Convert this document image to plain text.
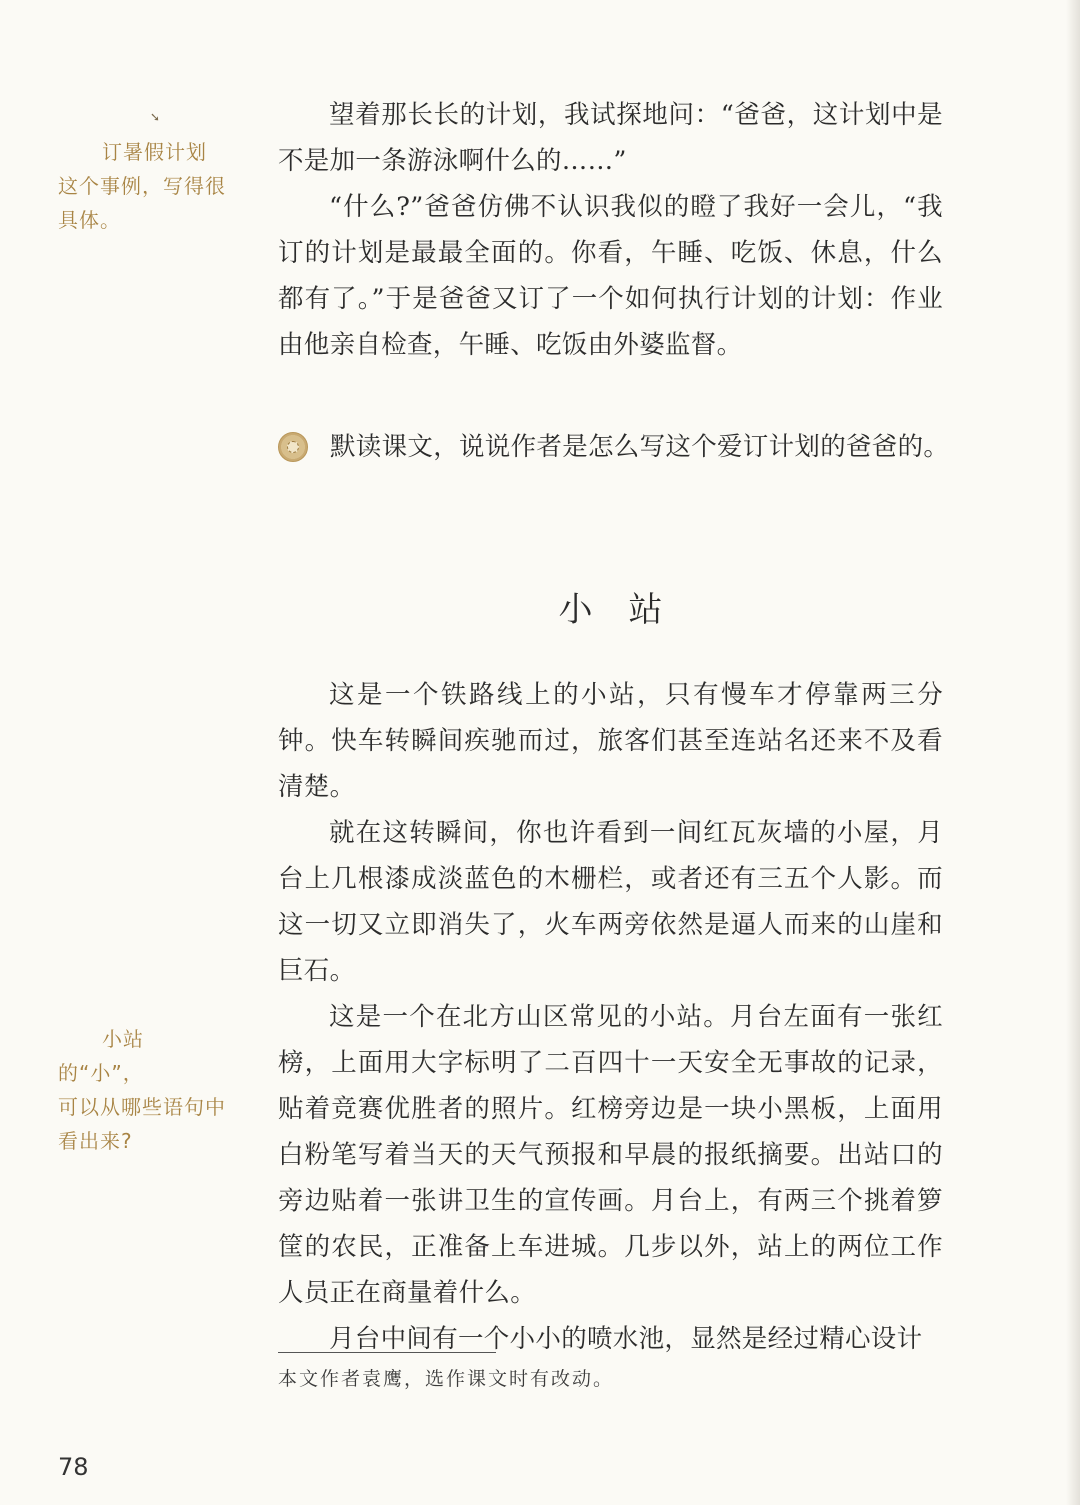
➘
订暑假计划
这个事例，写得很具体。

望着那长长的计划，我试探地问：“爸爸，这计划中是不是加一条游泳啊什么的……”

“什么?”爸爸仿佛不认识我似的瞪了我好一会儿，“我订的计划是最最全面的。你看，午睡、吃饭、休息，什么都有了。”于是爸爸又订了一个如何执行计划的计划：作业由他亲自检查，午睡、吃饭由外婆监督。

默读课文，说说作者是怎么写这个爱订计划的爸爸的。
小站
小站的“小”，
可以从哪些语句中看出来?

这是一个铁路线上的小站，只有慢车才停靠两三分钟。快车转瞬间疾驰而过，旅客们甚至连站名还来不及看清楚。

就在这转瞬间，你也许看到一间红瓦灰墙的小屋，月台上几根漆成淡蓝色的木栅栏，或者还有三五个人影。而这一切又立即消失了，火车两旁依然是逼人而来的山崖和巨石。

这是一个在北方山区常见的小站。月台左面有一张红榜，上面用大字标明了二百四十一天安全无事故的记录，贴着竞赛优胜者的照片。红榜旁边是一块小黑板，上面用白粉笔写着当天的天气预报和早晨的报纸摘要。出站口的旁边贴着一张讲卫生的宣传画。月台上，有两三个挑着箩筐的农民，正准备上车进城。几步以外，站上的两位工作人员正在商量着什么。

月台中间有一个小小的喷水池，显然是经过精心设计

本文作者袁鹰，选作课文时有改动。
78
